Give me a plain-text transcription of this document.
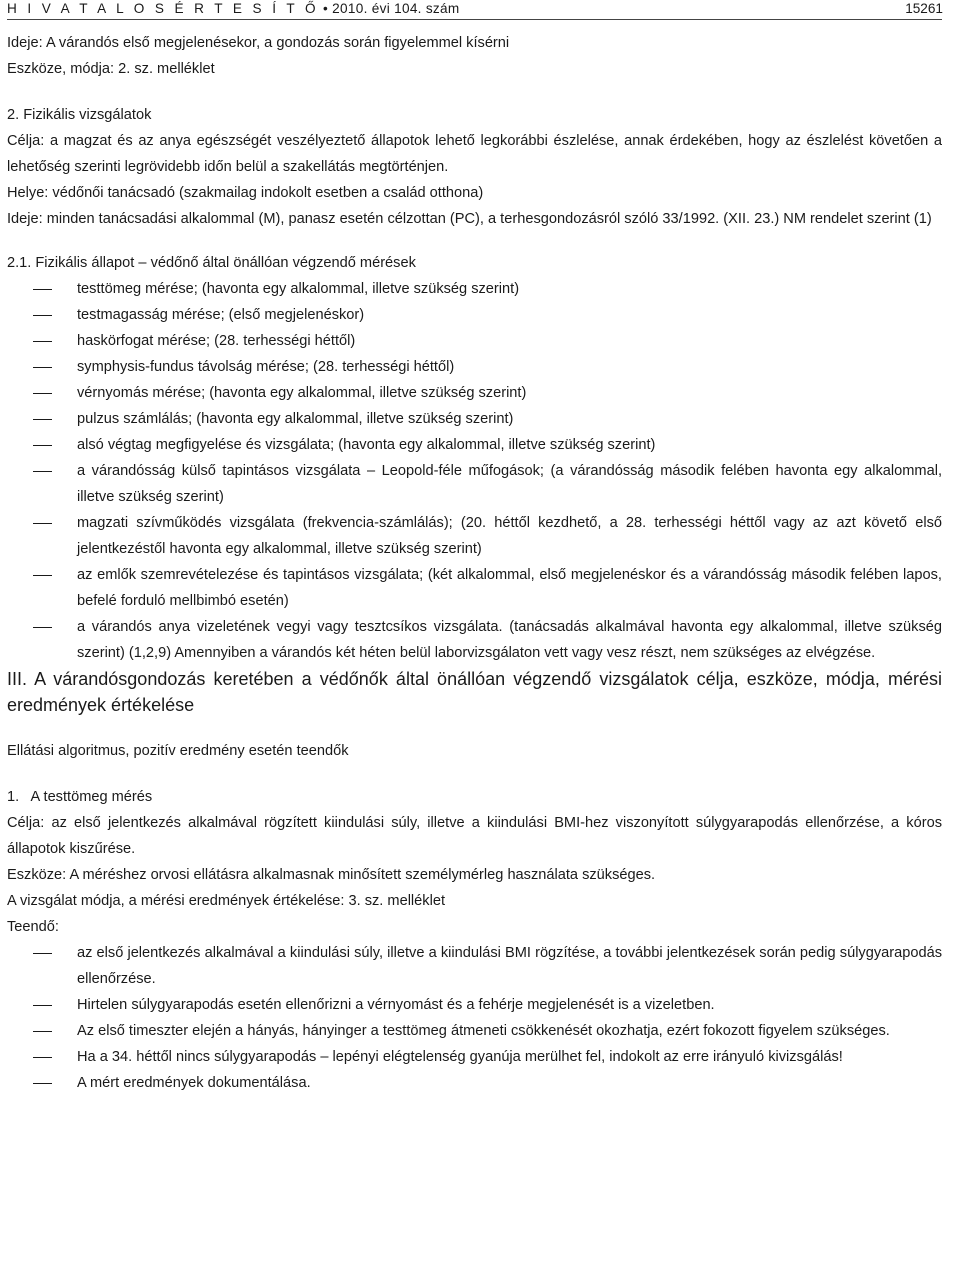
H I V A T A L O S É R T E S Í T Ő • 2010. évi 104. szám	15261

Ideje: A várandós első megjelenésekor, a gondozás során figyelemmel kísérni

Eszköze, módja: 2. sz. melléklet

2. Fizikális vizsgálatok

Célja: a magzat és az anya egészségét veszélyeztető állapotok lehető legkorábbi észlelése, annak érdekében, hogy az észlelést követően a lehetőség szerinti legrövidebb időn belül a szakellátás megtörténjen.

Helye: védőnői tanácsadó (szakmailag indokolt esetben a család otthona)

Ideje: minden tanácsadási alkalommal (M), panasz esetén célzottan (PC), a terhesgondozásról szóló 33/1992. (XII. 23.) NM rendelet szerint (1)

2.1. Fizikális állapot – védőnő által önállóan végzendő mérések

testtömeg mérése; (havonta egy alkalommal, illetve szükség szerint)
testmagasság mérése; (első megjelenéskor)
haskörfogat mérése; (28. terhességi héttől)
symphysis-fundus távolság mérése; (28. terhességi héttől)
vérnyomás mérése; (havonta egy alkalommal, illetve szükség szerint)
pulzus számlálás; (havonta egy alkalommal, illetve szükség szerint)
alsó végtag megfigyelése és vizsgálata; (havonta egy alkalommal, illetve szükség szerint)
a várandósság külső tapintásos vizsgálata – Leopold-féle műfogások; (a várandósság második felében havonta egy alkalommal, illetve szükség szerint)
magzati szívműködés vizsgálata (frekvencia-számlálás); (20. héttől kezdhető, a 28. terhességi héttől vagy az azt követő első jelentkezéstől havonta egy alkalommal, illetve szükség szerint)
az emlők szemrevételezése és tapintásos vizsgálata; (két alkalommal, első megjelenéskor és a várandósság második felében lapos, befelé forduló mellbimbó esetén)
a várandós anya vizeletének vegyi vagy tesztcsíkos vizsgálata. (tanácsadás alkalmával havonta egy alkalommal, illetve szükség szerint) (1,2,9) Amennyiben a várandós két héten belül laborvizsgálaton vett vagy vesz részt, nem szükséges az elvégzése.

III. A várandósgondozás keretében a védőnők által önállóan végzendő vizsgálatok célja, eszköze, módja, mérési eredmények értékelése

Ellátási algoritmus, pozitív eredmény esetén teendők

1.   A testtömeg mérés

Célja: az első jelentkezés alkalmával rögzített kiindulási súly, illetve a kiindulási BMI-hez viszonyított súlygyarapodás ellenőrzése, a kóros állapotok kiszűrése.

Eszköze: A méréshez orvosi ellátásra alkalmasnak minősített személymérleg használata szükséges.

A vizsgálat módja, a mérési eredmények értékelése: 3. sz. melléklet

Teendő:

az első jelentkezés alkalmával a kiindulási súly, illetve a kiindulási BMI rögzítése, a további jelentkezések során pedig súlygyarapodás ellenőrzése.
Hirtelen súlygyarapodás esetén ellenőrizni a vérnyomást és a fehérje megjelenését is a vizeletben.
Az első timeszter elején a hányás, hányinger a testtömeg átmeneti csökkenését okozhatja, ezért fokozott figyelem szükséges.
Ha a 34. héttől nincs súlygyarapodás – lepényi elégtelenség gyanúja merülhet fel, indokolt az erre irányuló kivizsgálás!
A mért eredmények dokumentálása.
